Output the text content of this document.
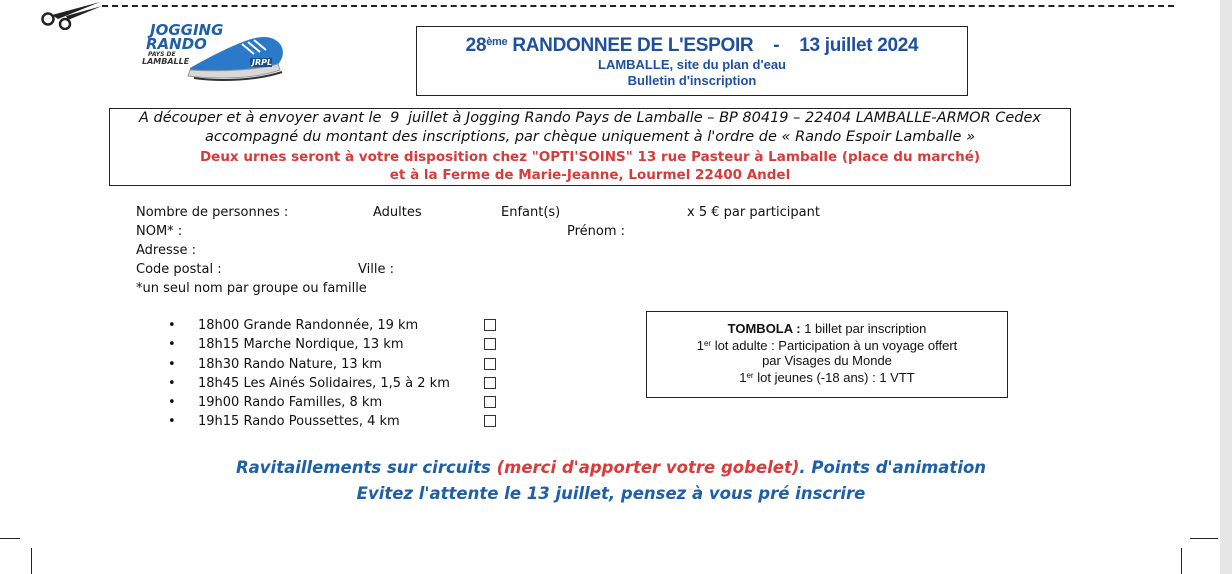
JOGGING
RANDO
PAYS DE
LAMBALLE	JRPL
28ème RANDONNEE DE L'ESPOIR - 13 juillet 2024
LAMBALLE, site du plan d'eau
Bulletin d'inscription
A découper et à envoyer avant le 9 juillet à Jogging Rando Pays de Lamballe – BP 80419 – 22404 LAMBALLE-ARMOR Cedex
accompagné du montant des inscriptions, par chèque uniquement à l'ordre de « Rando Espoir Lamballe »
Deux urnes seront à votre disposition chez "OPTI'SOINS" 13 rue Pasteur à Lamballe (place du marché)
et à la Ferme de Marie-Jeanne, Lourmel 22400 Andel
Nombre de personnes :	Adultes	Enfant(s)	x 5 € par participant
NOM* :	Prénom :
Adresse :
Code postal :	Ville :
*un seul nom par groupe ou famille
• 18h00 Grande Randonnée, 19 km
• 18h15 Marche Nordique, 13 km
• 18h30 Rando Nature, 13 km
• 18h45 Les Ainés Solidaires, 1,5 à 2 km
• 19h00 Rando Familles, 8 km
• 19h15 Rando Poussettes, 4 km
TOMBOLA : 1 billet par inscription
1er lot adulte : Participation à un voyage offert
par Visages du Monde
1er lot jeunes (-18 ans) : 1 VTT
Ravitaillements sur circuits (merci d'apporter votre gobelet). Points d'animation
Evitez l'attente le 13 juillet, pensez à vous pré inscrire
